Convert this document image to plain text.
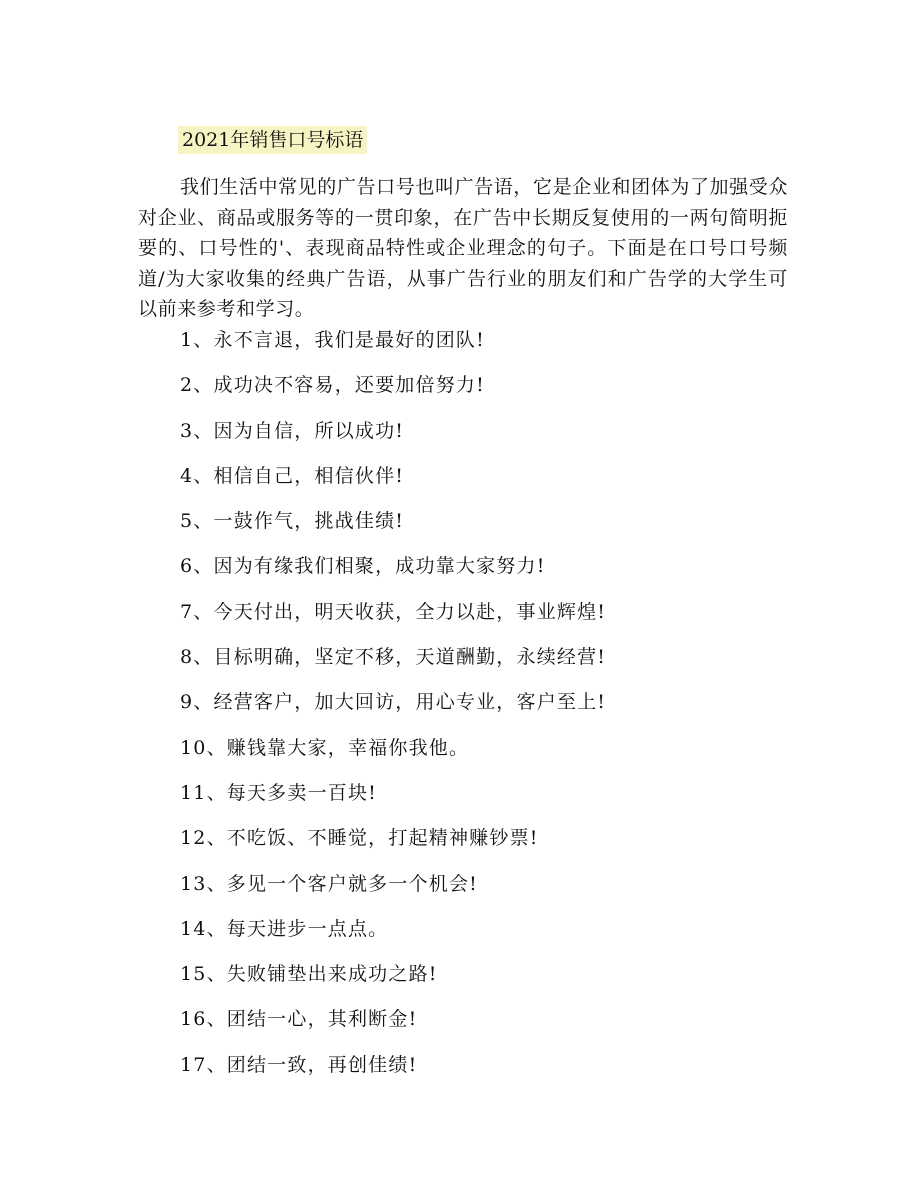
2021年销售口号标语

我们生活中常见的广告口号也叫广告语，它是企业和团体为了加强受众对企业、商品或服务等的一贯印象，在广告中长期反复使用的一两句简明扼要的、口号性的'、表现商品特性或企业理念的句子。下面是在口号口号频道/为大家收集的经典广告语，从事广告行业的朋友们和广告学的大学生可以前来参考和学习。

1、永不言退，我们是最好的团队!
2、成功决不容易，还要加倍努力!
3、因为自信，所以成功!
4、相信自己，相信伙伴!
5、一鼓作气，挑战佳绩!
6、因为有缘我们相聚，成功靠大家努力!
7、今天付出，明天收获，全力以赴，事业辉煌!
8、目标明确，坚定不移，天道酬勤，永续经营!
9、经营客户，加大回访，用心专业，客户至上!
10、赚钱靠大家，幸福你我他。
11、每天多卖一百块!
12、不吃饭、不睡觉，打起精神赚钞票!
13、多见一个客户就多一个机会!
14、每天进步一点点。
15、失败铺垫出来成功之路!
16、团结一心，其利断金!
17、团结一致，再创佳绩!
